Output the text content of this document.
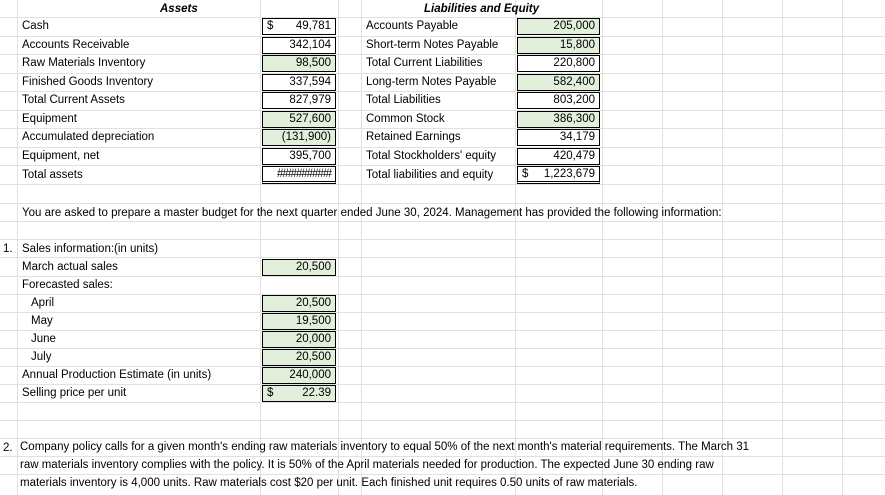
Assets	Liabilities and Equity
Cash	$ 49,781
Accounts Receivable	342,104
Raw Materials Inventory	98,500
Finished Goods Inventory	337,594
Total Current Assets	827,979
Equipment	527,600
Accumulated depreciation	(131,900)
Equipment, net	395,700
Total assets	##########
Accounts Payable	205,000
Short-term Notes Payable	15,800
Total Current Liabilities	220,800
Long-term Notes Payable	582,400
Total Liabilities	803,200
Common Stock	386,300
Retained Earnings	34,179
Total Stockholders' equity	420,479
Total liabilities and equity	$ 1,223,679
You are asked to prepare a master budget for the next quarter ended June 30, 2024. Management has provided the following information:
1. Sales information:(in units)
March actual sales	20,500
Forecasted sales:
April	20,500
May	19,500
June	20,000
July	20,500
Annual Production Estimate (in units)	240,000
Selling price per unit	$	22.39
2. Company policy calls for a given month's ending raw materials inventory to equal 50% of the next month's material requirements. The March 31
raw materials inventory complies with the policy. It is 50% of the April materials needed for production. The expected June 30 ending raw
materials inventory is 4,000 units. Raw materials cost $20 per unit. Each finished unit requires 0.50 units of raw materials.
